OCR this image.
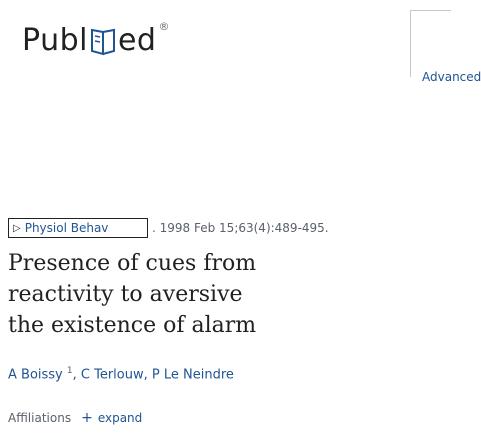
Publ ed ®
Advanced
▷ Physiol Behav	. 1998 Feb 15;63(4):489-495.
Presence of cues from
reactivity to aversive
the existence of alarm
A Boissy $^1$, C Terlouw, P Le Neindre
Affiliations + expand
